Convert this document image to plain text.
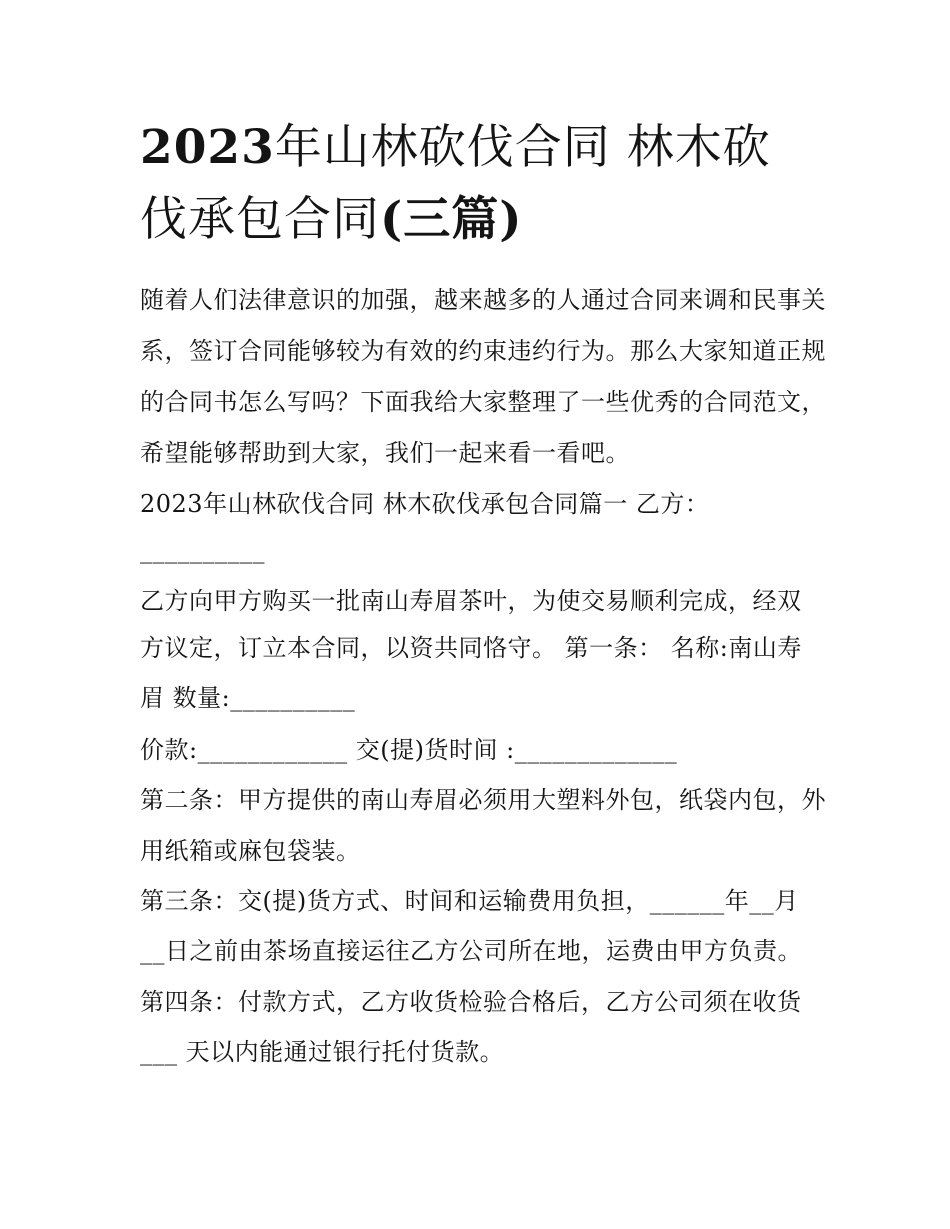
2023年山林砍伐合同 林木砍
伐承包合同(三篇)

随着人们法律意识的加强，越来越多的人通过合同来调和民事关系，签订合同能够较为有效的约束违约行为。那么大家知道正规的合同书怎么写吗？下面我给大家整理了一些优秀的合同范文，希望能够帮助到大家，我们一起来看一看吧。

2023年山林砍伐合同 林木砍伐承包合同篇一 乙方：

__________

乙方向甲方购买一批南山寿眉茶叶，为使交易顺利完成，经双

方议定，订立本合同，以资共同恪守。 第一条： 名称:南山寿

眉 数量:__________

价款:____________ 交(提)货时间 :_____________

第二条：甲方提供的南山寿眉必须用大塑料外包，纸袋内包，外用纸箱或麻包袋装。

第三条：交(提)货方式、时间和运输费用负担，______年__月

__日之前由茶场直接运往乙方公司所在地，运费由甲方负责。

第四条：付款方式，乙方收货检验合格后，乙方公司须在收货

___ 天以内能通过银行托付货款。
